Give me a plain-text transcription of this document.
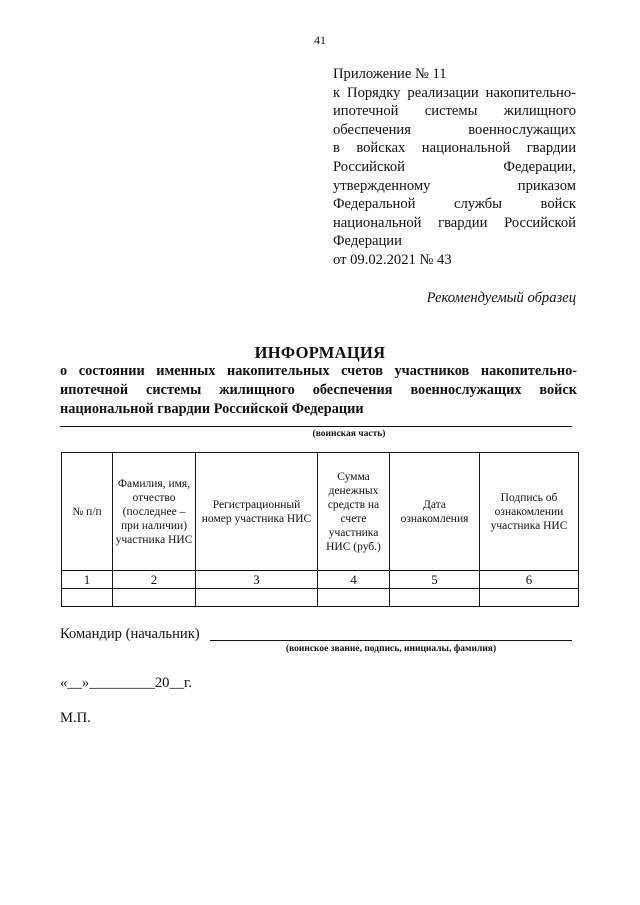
41
Приложение № 11
к Порядку реализации накопительно-
ипотечной системы жилищного
обеспечения военнослужащих
в войсках национальной гвардии
Российской Федерации,
утвержденному приказом
Федеральной службы войск
национальной гвардии Российской
Федерации
от 09.02.2021 № 43
Рекомендуемый образец
ИНФОРМАЦИЯ
о состоянии именных накопительных счетов участников накопительно-
ипотечной системы жилищного обеспечения военнослужащих войск
национальной гвардии Российской Федерации
(воинская часть)
№ п/п	Фамилия, имя, отчество (последнее – при наличии) участника НИС	Регистрационный номер участника НИС	Сумма денежных средств на счете участника НИС (руб.)	Дата ознакомления	Подпись об ознакомлении участника НИС
1	2	3	4	5	6

Командир (начальник)
(воинское звание, подпись, инициалы, фамилия)
«__»_________20__г.
М.П.
